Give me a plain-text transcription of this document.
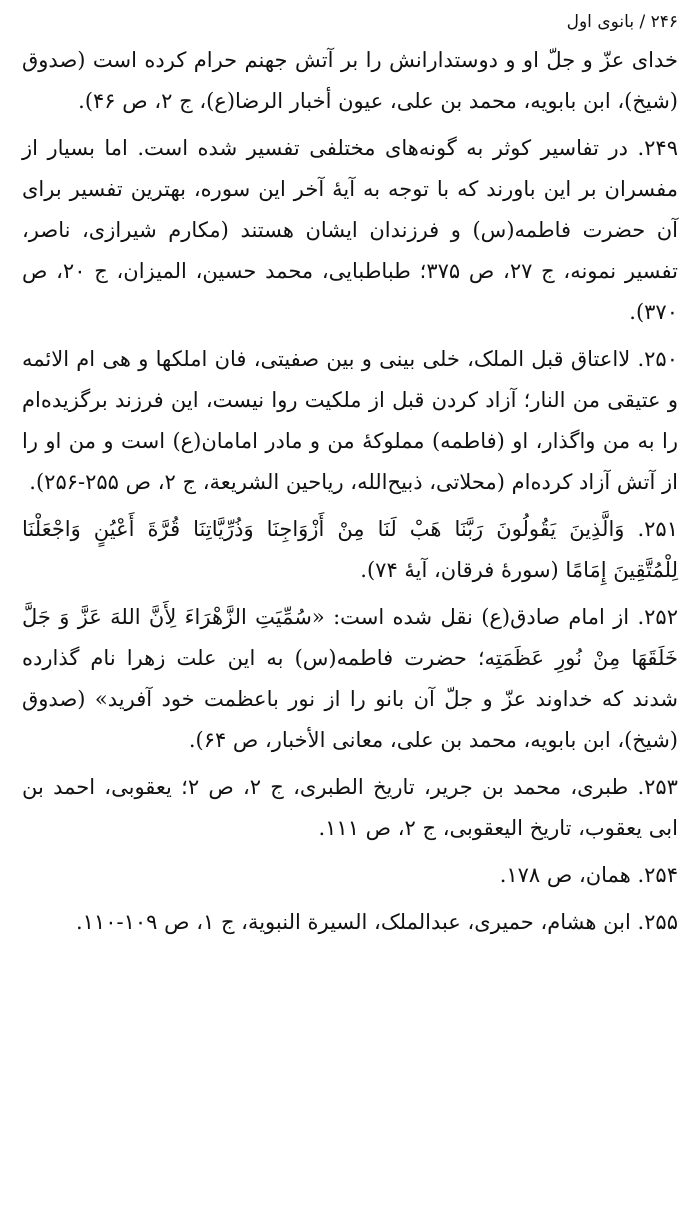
۲۴۶ / بانوی اول

خدای عزّ و جلّ او و دوستدارانش را بر آتش جهنم حرام کرده است (صدوق (شیخ)، ابن بابویه، محمد بن علی، عیون أخبار الرضا(ع)، ج ۲، ص ۴۶).

۲۴۹. در تفاسیر کوثر به گونه‌های مختلفی تفسیر شده است. اما بسیار از مفسران بر این باورند که با توجه به آیهٔ آخر این سوره، بهترین تفسیر برای آن حضرت فاطمه(س) و فرزندان ایشان هستند (مکارم شیرازی، ناصر، تفسیر نمونه، ج ۲۷، ص ۳۷۵؛ طباطبایی، محمد حسین، المیزان، ج ۲۰، ص ۳۷۰).

۲۵۰. لااعتاق قبل الملک، خلی بینی و بین صفیتی، فان املکها و هی ام الائمه و عتیقی من النار؛ آزاد کردن قبل از ملکیت روا نیست، این فرزند برگزیده‌ام را به من واگذار، او (فاطمه) مملوکهٔ من و مادر امامان(ع) است و من او را از آتش آزاد کرده‌ام (محلاتی، ذبیح‌الله، ریاحین الشریعة، ج ۲، ص ۲۵۵-۲۵۶).

۲۵۱. وَالَّذِینَ یَقُولُونَ رَبَّنَا هَبْ لَنَا مِنْ أَزْوَاجِنَا وَذُرِّیَّاتِنَا قُرَّةَ أَعْیُنٍ وَاجْعَلْنَا لِلْمُتَّقِینَ إِمَامًا (سورهٔ فرقان، آیهٔ ۷۴).

۲۵۲. از امام صادق(ع) نقل شده است: «سُمِّیَتِ الزَّهْرَاءَ لِأَنَّ اللهَ عَزَّ وَ جَلَّ خَلَقَهَا مِنْ نُورِ عَظَمَتِه؛ حضرت فاطمه(س) به این علت زهرا نام گذارده شدند که خداوند عزّ و جلّ آن بانو را از نور باعظمت خود آفرید» (صدوق (شیخ)، ابن بابویه، محمد بن علی، معانی الأخبار، ص ۶۴).

۲۵۳. طبری، محمد بن جریر، تاریخ الطبری، ج ۲، ص ۲؛ یعقوبی، احمد بن ابی یعقوب، تاریخ الیعقوبی، ج ۲، ص ۱۱۱.

۲۵۴. همان، ص ۱۷۸.

۲۵۵. ابن هشام، حمیری، عبدالملک، السیرة النبویة، ج ۱، ص ۱۰۹-۱۱۰.
